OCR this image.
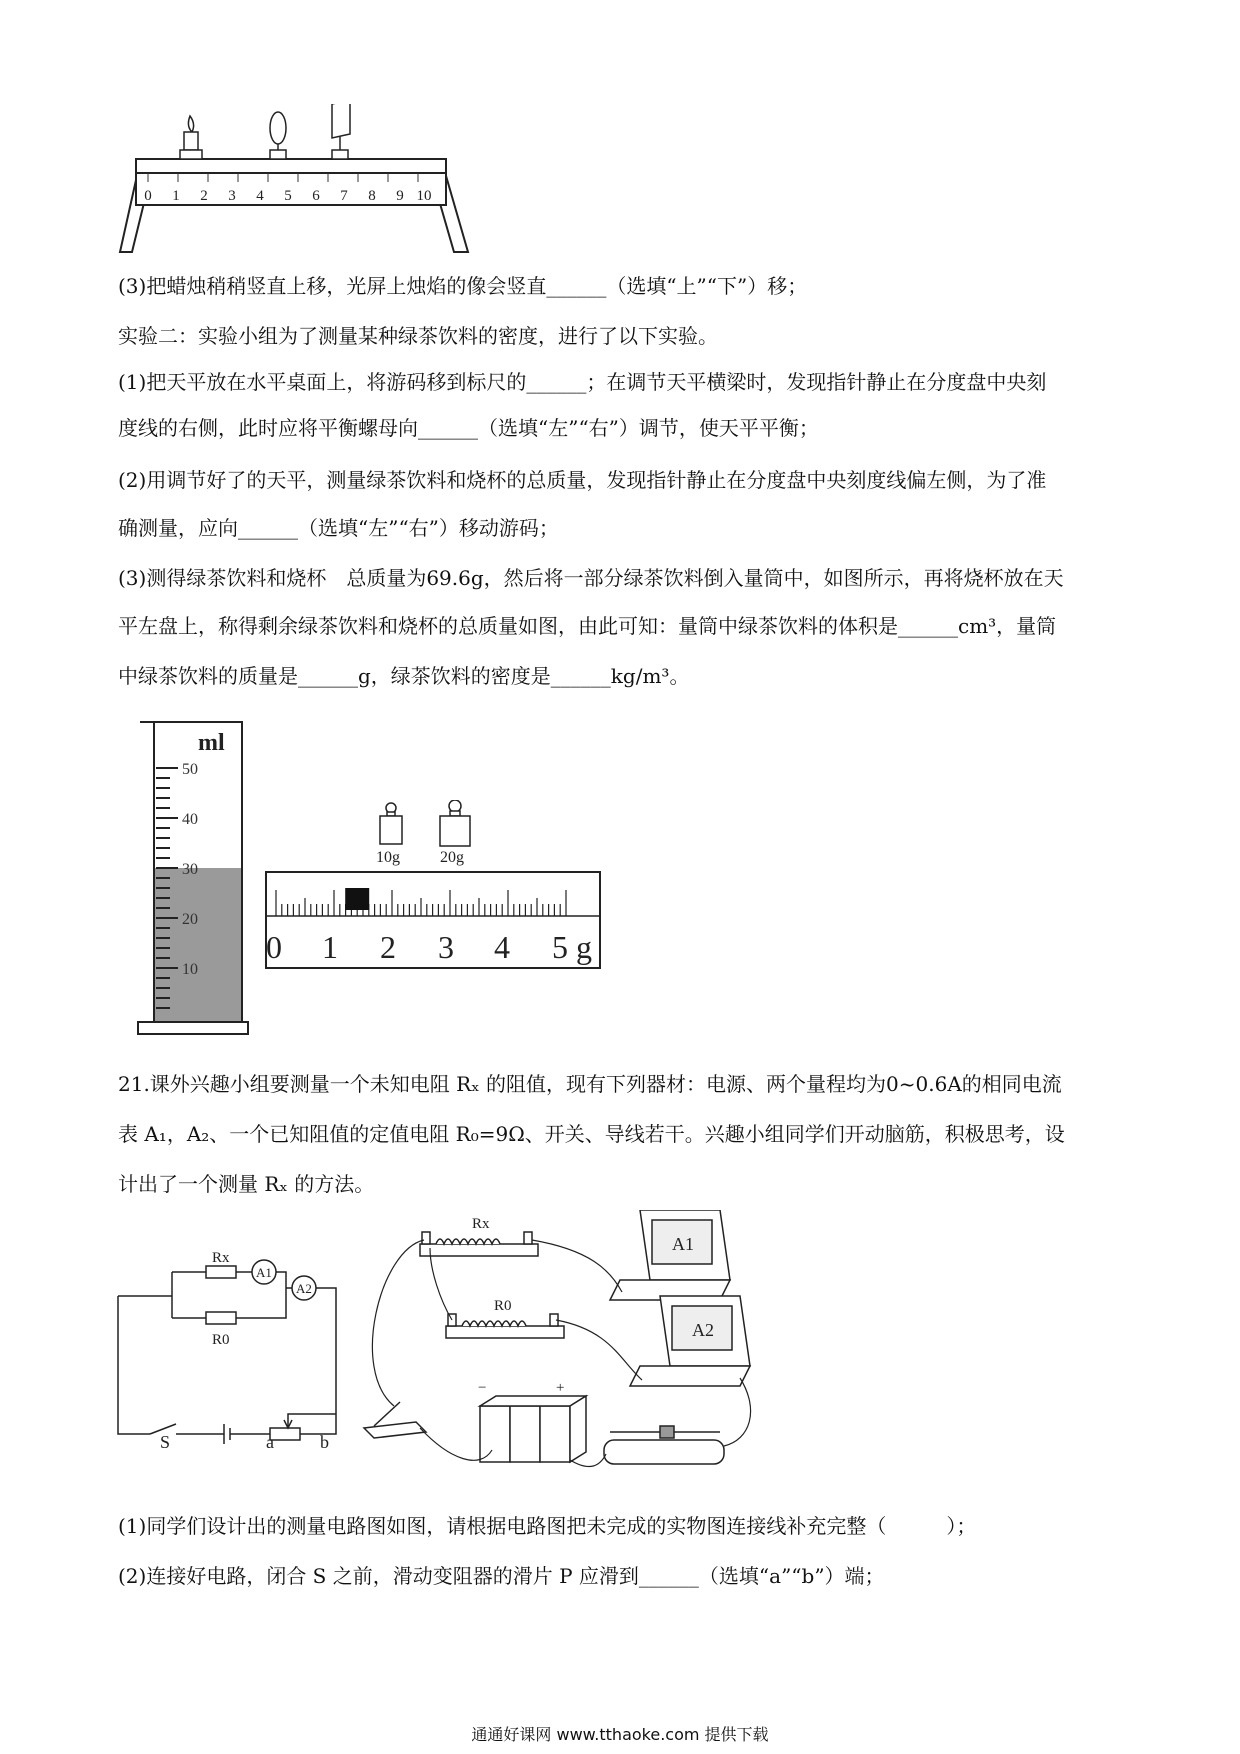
0 1 2 3 4 5 6 7 8 9 10
(3)把蜡烛稍稍竖直上移，光屏上烛焰的像会竖直______（选填“上”“下”）移；
实验二：实验小组为了测量某种绿茶饮料的密度，进行了以下实验。
(1)把天平放在水平桌面上，将游码移到标尺的______；在调节天平横梁时，发现指针静止在分度盘中央刻
度线的右侧，此时应将平衡螺母向______（选填“左”“右”）调节，使天平平衡；
(2)用调节好了的天平，测量绿茶饮料和烧杯的总质量，发现指针静止在分度盘中央刻度线偏左侧，为了准
确测量，应向______（选填“左”“右”）移动游码；
(3)测得绿茶饮料和烧杯　总质量为69.6g，然后将一部分绿茶饮料倒入量筒中，如图所示，再将烧杯放在天
平左盘上，称得剩余绿茶饮料和烧杯的总质量如图，由此可知：量筒中绿茶饮料的体积是______cm³，量筒
中绿茶饮料的质量是______g，绿茶饮料的密度是______kg/m³。
ml
50
40
30
20
10
10g	20g
0 1 2 3 4 5 g
21.课外兴趣小组要测量一个未知电阻 Rₓ 的阻值，现有下列器材：电源、两个量程均为0~0.6A的相同电流
表 A₁，A₂、一个已知阻值的定值电阻 R₀=9Ω、开关、导线若干。兴趣小组同学们开动脑筋，积极思考，设
计出了一个测量 Rₓ 的方法。
Rx
A1
A2
R0
S	a	b
Rx
R0
A1
A2
−	+
(1)同学们设计出的测量电路图如图，请根据电路图把未完成的实物图连接线补充完整（　　　）；
(2)连接好电路，闭合 S 之前，滑动变阻器的滑片 P 应滑到______（选填“a”“b”）端；
通通好课网 www.tthaoke.com 提供下载
